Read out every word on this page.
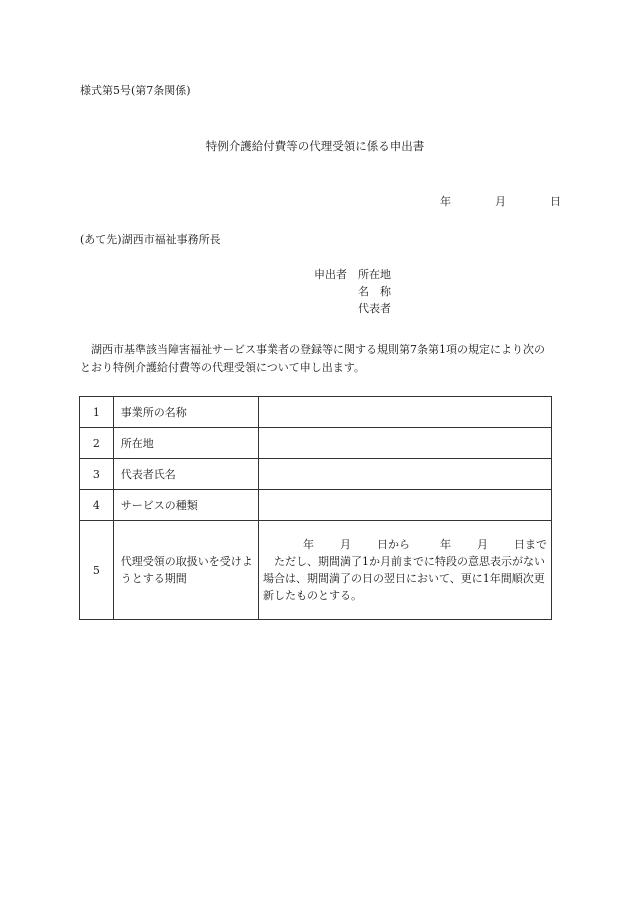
様式第5号(第7条関係)
特例介護給付費等の代理受領に係る申出書
年	月	日
(あて先)湖西市福祉事務所長
申出者 所在地
名　称
代表者
湖西市基準該当障害福祉サービス事業者の登録等に関する規則第7条第1項の規定により次のとおり特例介護給付費等の代理受領について申し出ます。
1	事業所の名称	
2	所在地	
3	代表者氏名	
4	サービスの種類	
5	代理受領の取扱いを受けようとする期間	年 月 日から 年 月 日まで
ただし、期間満了1か月前までに特段の意思表示がない場合は、期間満了の日の翌日において、更に1年間順次更新したものとする。
